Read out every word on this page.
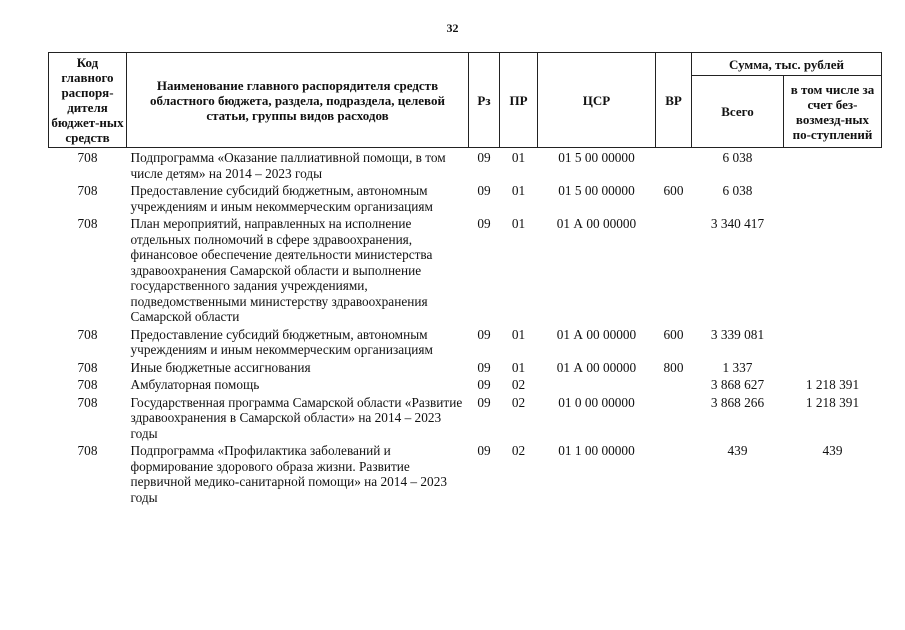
32
Код главного распоря-дителя бюджет-ных средств	Наименование главного распорядителя средств областного бюджета, раздела, подраздела, целевой статьи, группы видов расходов	Рз	ПР	ЦСР	ВР	Сумма, тыс. рублей	
						Всего	в том числе за счет без-возмезд-ных по-ступлений
708	Подпрограмма «Оказание паллиативной помощи, в том числе детям» на 2014 – 2023 годы	09	01	01 5 00 00000		6 038	
708	Предоставление субсидий бюджетным, автономным учреждениям и иным некоммерческим организациям	09	01	01 5 00 00000	600	6 038	
708	План мероприятий, направленных на исполнение отдельных полномочий в сфере здравоохранения, финансовое обеспечение деятельности министерства здравоохранения Самарской области и выполнение государственного задания учреждениями, подведомственными министерству здравоохранения Самарской области	09	01	01 А 00 00000		3 340 417	
708	Предоставление субсидий бюджетным, автономным учреждениям и иным некоммерческим организациям	09	01	01 А 00 00000	600	3 339 081	
708	Иные бюджетные ассигнования	09	01	01 А 00 00000	800	1 337	
708	Амбулаторная помощь	09	02			3 868 627	1 218 391
708	Государственная программа Самарской области «Развитие здравоохранения в Самарской области» на 2014 – 2023 годы	09	02	01 0 00 00000		3 868 266	1 218 391
708	Подпрограмма «Профилактика заболеваний и формирование здорового образа жизни. Развитие первичной медико-санитарной помощи» на 2014 – 2023 годы	09	02	01 1 00 00000		439	439
